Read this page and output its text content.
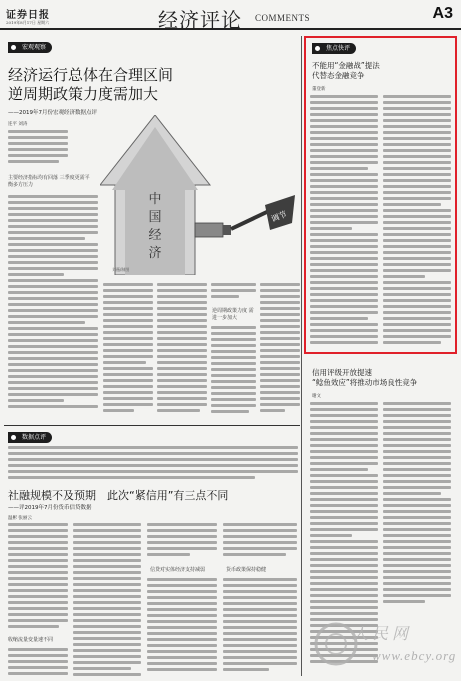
证券日报
2019年8月17日 星期六	经济评论 COMMENTS	A3
宏观观察
经济运行总体在合理区间
逆周期政策力度需加大
——2019年7月份宏观经济数据点评
连平 刘涛
主要经济指标均有回落 三季度更需平衡多方压力
中
国
经
济
调节
刘薇/制图
逆周期政策力度 需进一步加大
焦点快评
不能用“金融战”提法
代替态金融竞争
董登新
信用评级开放提速
“鲶鱼效应”将推动市场良性竞争
谢文
数据点评
社融规模不及预期　此次“紧信用”有三点不同
——评2019年7月份货币信贷数据
温彬 张丽云
收缩流量变量速不同
信贷对实体经济支持减弱	货币政策保持稳健
人民网
www.ebcy.org
